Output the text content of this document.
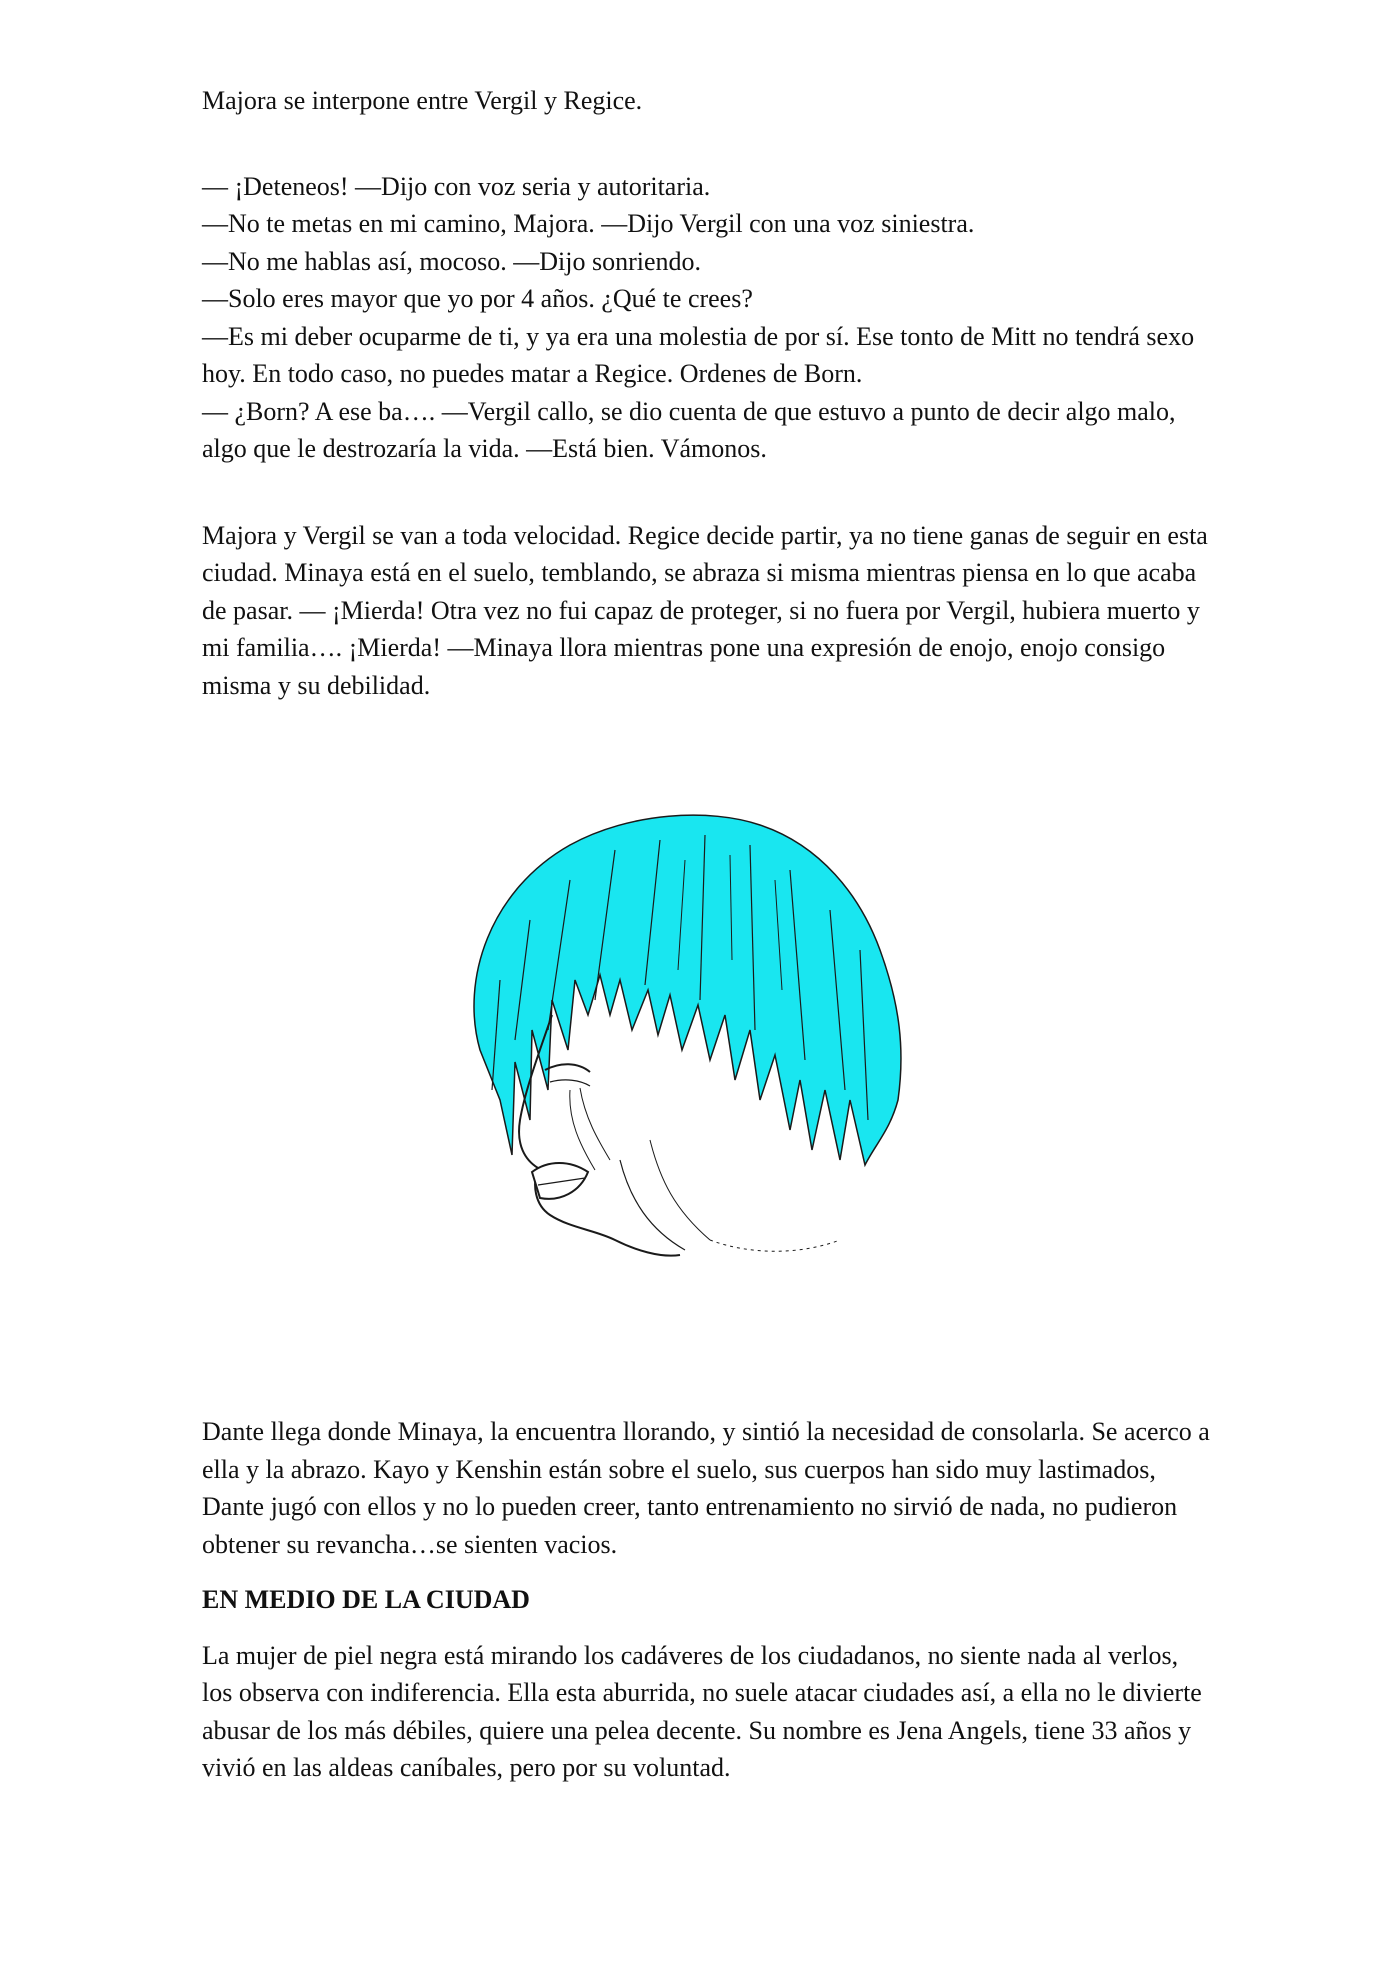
Majora se interpone entre Vergil y Regice.

— ¡Deteneos! —Dijo con voz seria y autoritaria.

—No te metas en mi camino, Majora. —Dijo Vergil con una voz siniestra.

—No me hablas así, mocoso. —Dijo sonriendo.

—Solo eres mayor que yo por 4 años. ¿Qué te crees?

—Es mi deber ocuparme de ti, y ya era una molestia de por sí. Ese tonto de Mitt no tendrá sexo hoy. En todo caso, no puedes matar a Regice. Ordenes de Born.

— ¿Born? A ese ba…. —Vergil callo, se dio cuenta de que estuvo a punto de decir algo malo, algo que le destrozaría la vida. —Está bien. Vámonos.

Majora y Vergil se van a toda velocidad. Regice decide partir, ya no tiene ganas de seguir en esta ciudad. Minaya está en el suelo, temblando, se abraza si misma mientras piensa en lo que acaba de pasar. — ¡Mierda! Otra vez no fui capaz de proteger, si no fuera por Vergil, hubiera muerto y mi familia…. ¡Mierda! —Minaya llora mientras pone una expresión de enojo, enojo consigo misma y su debilidad.

Dante llega donde Minaya, la encuentra llorando, y sintió la necesidad de consolarla. Se acerco a ella y la abrazo. Kayo y Kenshin están sobre el suelo, sus cuerpos han sido muy lastimados, Dante jugó con ellos y no lo pueden creer, tanto entrenamiento no sirvió de nada, no pudieron obtener su revancha…se sienten vacios.

EN MEDIO DE LA CIUDAD

La mujer de piel negra está mirando los cadáveres de los ciudadanos, no siente nada al verlos, los observa con indiferencia. Ella esta aburrida, no suele atacar ciudades así, a ella no le divierte abusar de los más débiles, quiere una pelea decente. Su nombre es Jena Angels, tiene 33 años y vivió en las aldeas caníbales, pero por su voluntad.
